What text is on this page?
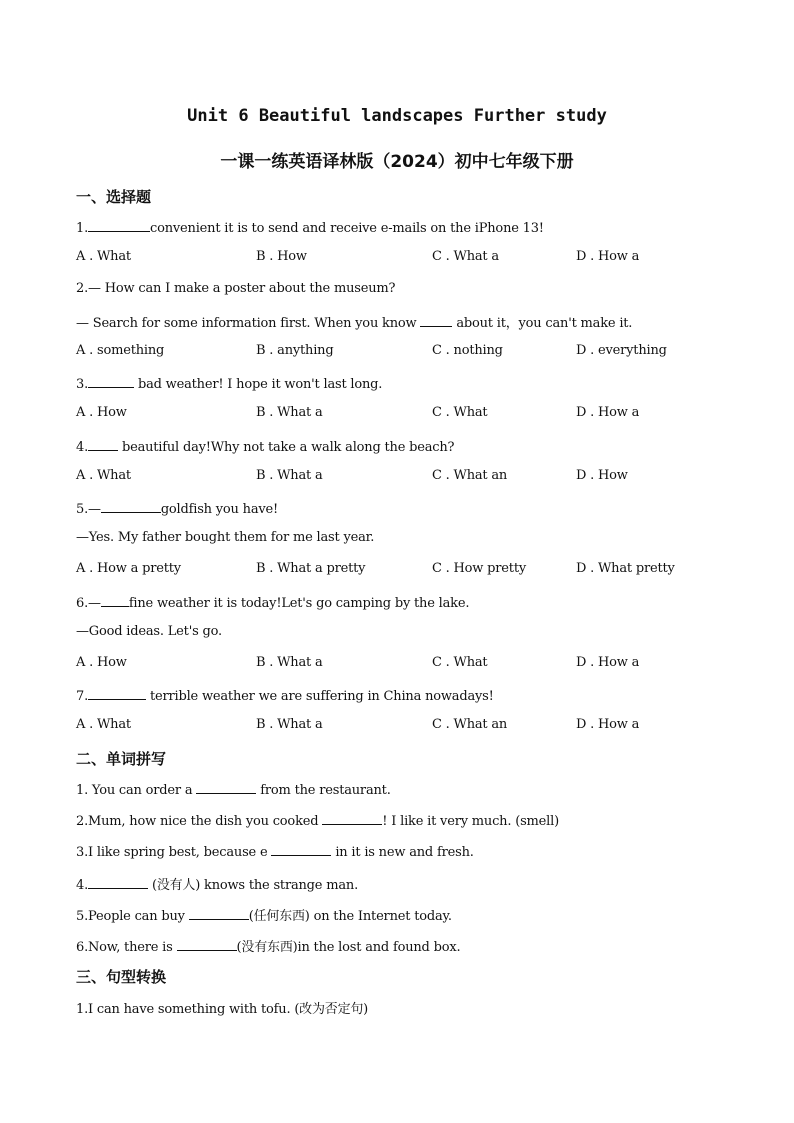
Unit 6 Beautiful landscapes Further study
一课一练英语译林版（2024）初中七年级下册
一、选择题
1.	convenient it is to send and receive e-mails on the iPhone 13!
A . What	B . How	C . What a	D . How a
2.— How can I make a poster about the museum?
— Search for some information first. When you know  about it，you can't make it.
A . something	B . anything	C . nothing	D . everything
3.	bad weather! I hope it won't last long.
A . How	B . What a	C . What	D . How a
4. beautiful day!Why not take a walk along the beach?
A . What	B . What a	C . What an	D . How
5.—	goldfish you have!
—Yes. My father bought them for me last year.
A . How a pretty	B . What a pretty	C . How pretty	D . What pretty
6.— fine weather it is today!Let's go camping by the lake.
—Good ideas. Let's go.
A . How	B . What a	C . What	D . How a
7.	terrible weather we are suffering in China nowadays!
A . What	B . What a	C . What an	D . How a
二、单词拼写
1. You can order a	from the restaurant.
2.Mum, how nice the dish you cooked	! I like it very much. (smell)
3.I like spring best, because e	in it is new and fresh.
4.	(没有人) knows the strange man.
5.People can buy	(任何东西) on the Internet today.
6.Now, there is	(没有东西)in the lost and found box.
三、句型转换
1.I can have something with tofu. (改为否定句)
